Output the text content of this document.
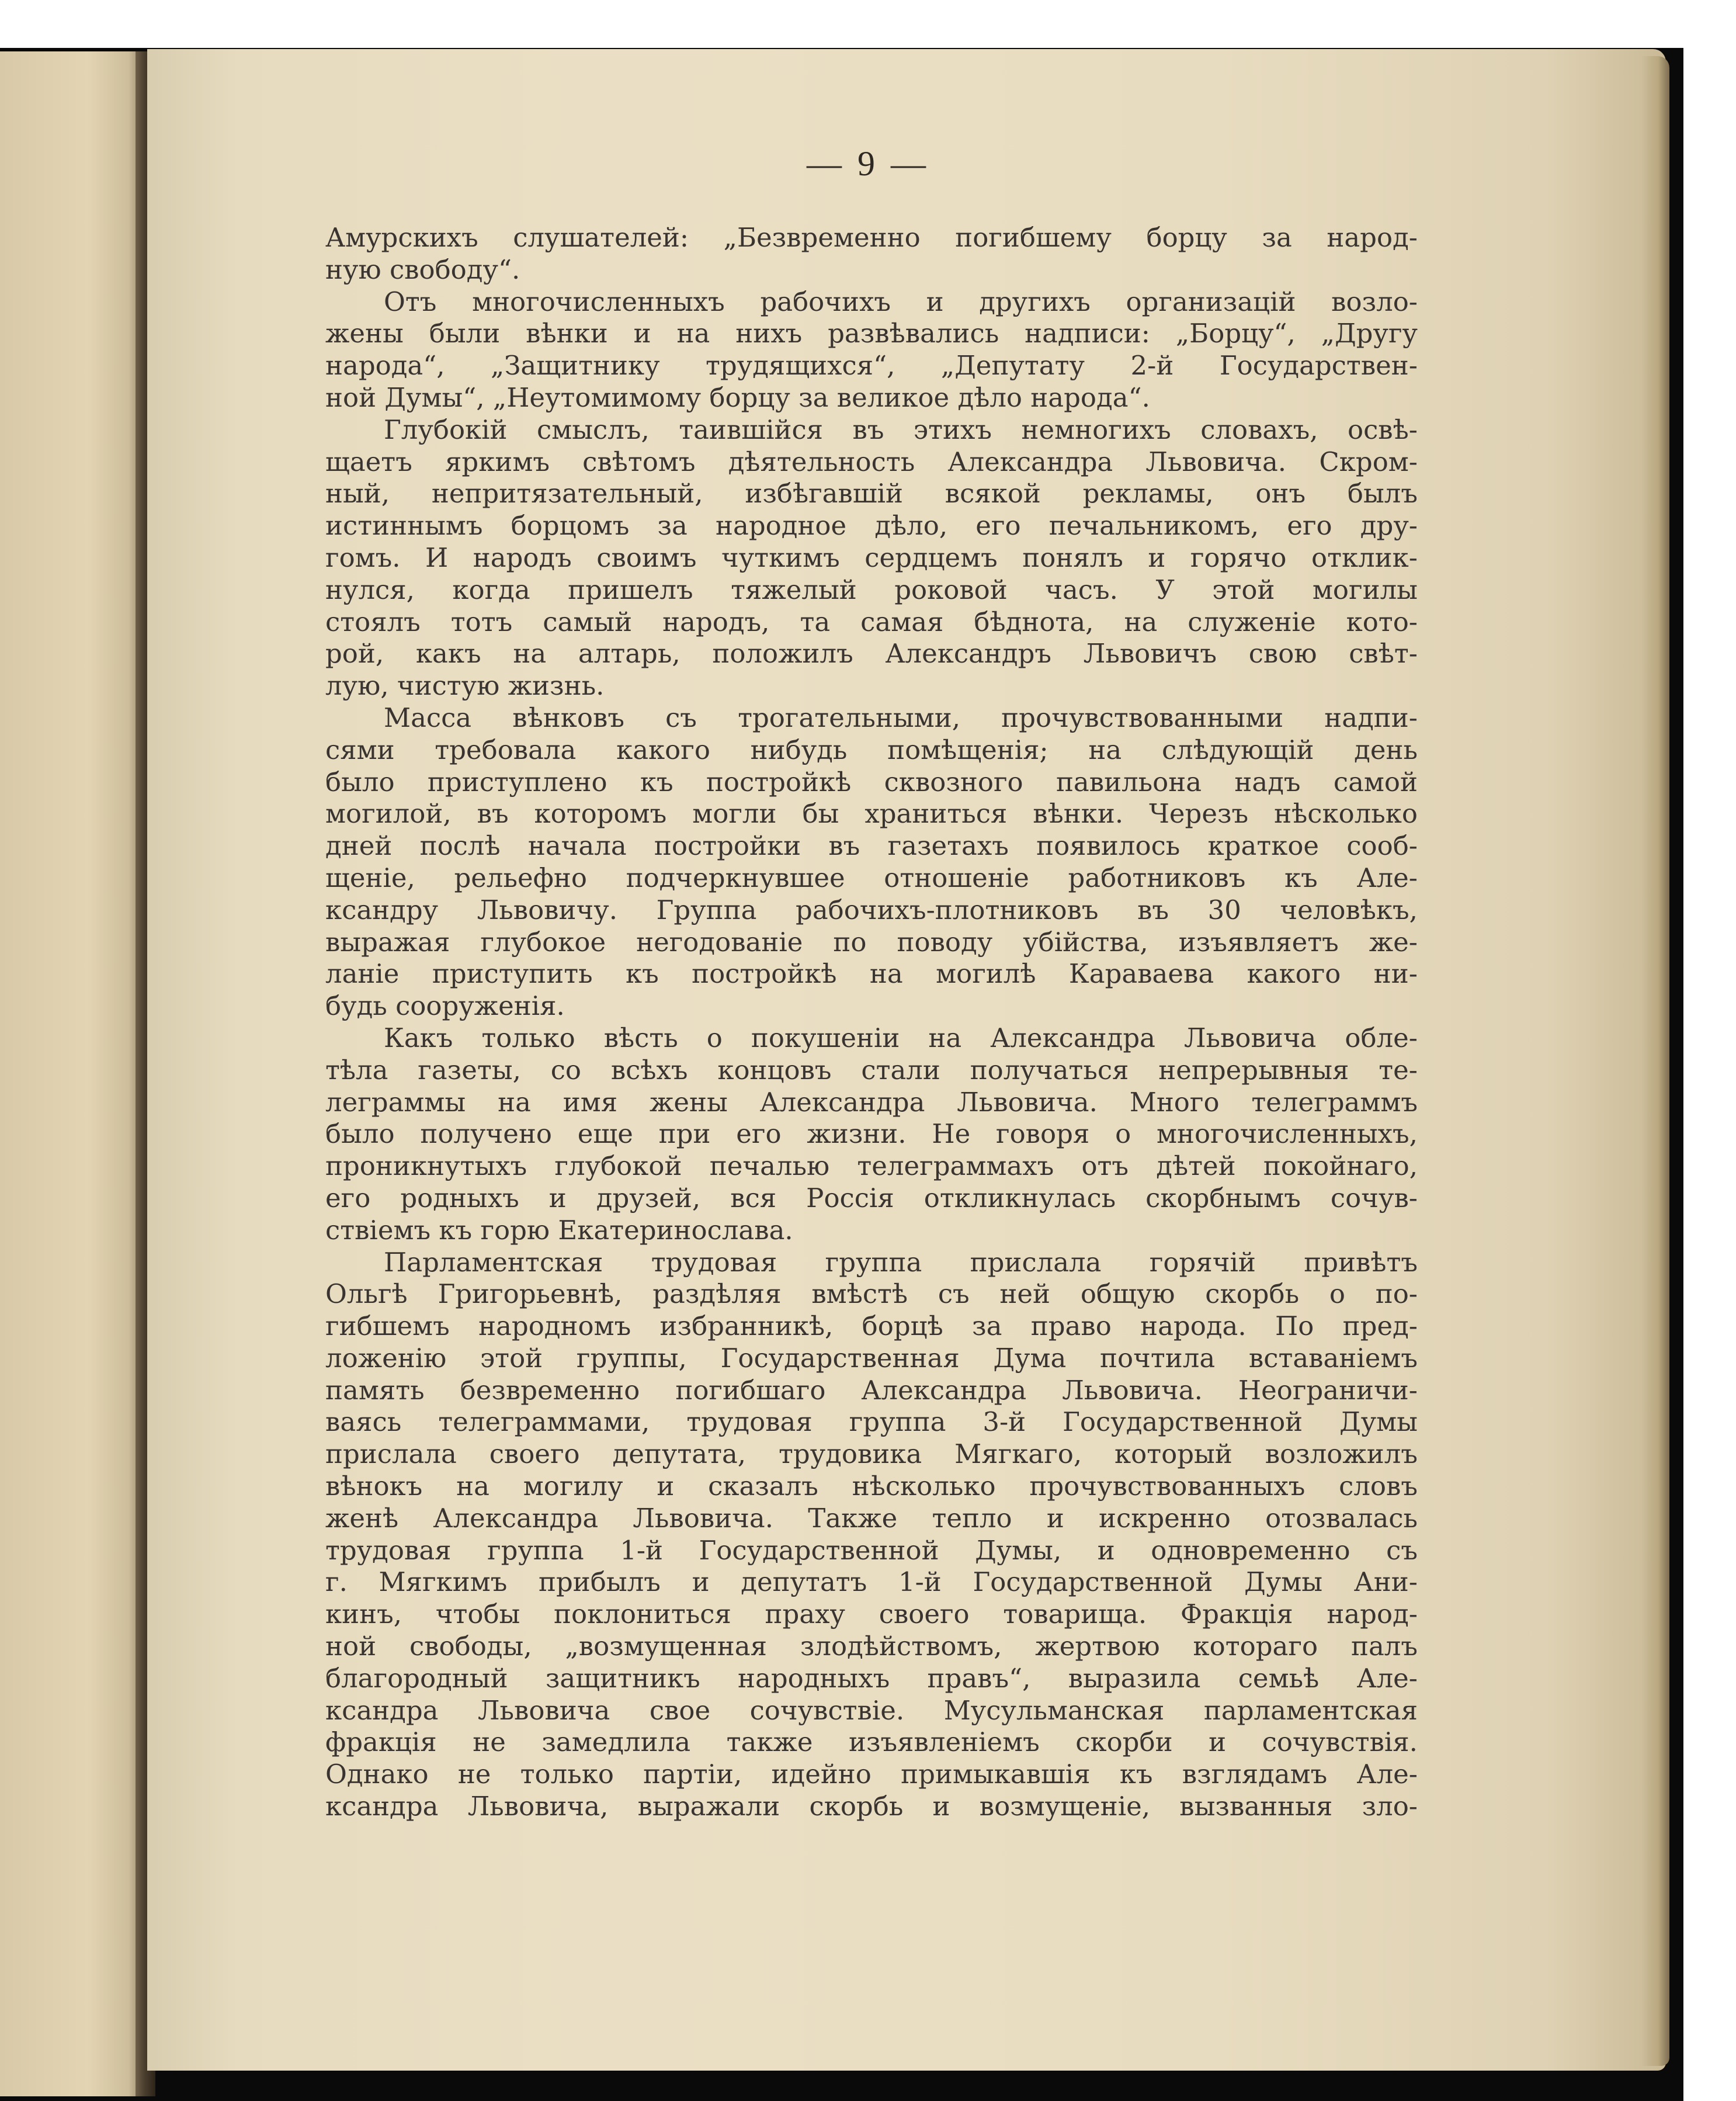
— 9 —
Амурскихъ слушателей: „Безвременно погибшему борцу за народ-
ную свободу“.
Отъ многочисленныхъ рабочихъ и другихъ организацій возло-
жены были вѣнки и на нихъ развѣвались надписи: „Борцу“, „Другу
народа“, „Защитнику трудящихся“, „Депутату 2-й Государствен-
ной Думы“, „Неутомимому борцу за великое дѣло народа“.
Глубокій смыслъ, таившійся въ этихъ немногихъ словахъ, освѣ-
щаетъ яркимъ свѣтомъ дѣятельность Александра Львовича. Скром-
ный, непритязательный, избѣгавшій всякой рекламы, онъ былъ
истиннымъ борцомъ за народное дѣло, его печальникомъ, его дру-
гомъ. И народъ своимъ чуткимъ сердцемъ понялъ и горячо отклик-
нулся, когда пришелъ тяжелый роковой часъ. У этой могилы
стоялъ тотъ самый народъ, та самая бѣднота, на служеніе кото-
рой, какъ на алтарь, положилъ Александръ Львовичъ свою свѣт-
лую, чистую жизнь.
Масса вѣнковъ съ трогательными, прочувствованными надпи-
сями требовала какого нибудь помѣщенія; на слѣдующій день
было приступлено къ постройкѣ сквозного павильона надъ самой
могилой, въ которомъ могли бы храниться вѣнки. Черезъ нѣсколько
дней послѣ начала постройки въ газетахъ появилось краткое сооб-
щеніе, рельефно подчеркнувшее отношеніе работниковъ къ Але-
ксандру Львовичу. Группа рабочихъ-плотниковъ въ 30 человѣкъ,
выражая глубокое негодованіе по поводу убійства, изъявляетъ же-
ланіе приступить къ постройкѣ на могилѣ Караваева какого ни-
будь сооруженія.
Какъ только вѣсть о покушеніи на Александра Львовича обле-
тѣла газеты, со всѣхъ концовъ стали получаться непрерывныя те-
леграммы на имя жены Александра Львовича. Много телеграммъ
было получено еще при его жизни. Не говоря о многочисленныхъ,
проникнутыхъ глубокой печалью телеграммахъ отъ дѣтей покойнаго,
его родныхъ и друзей, вся Россія откликнулась скорбнымъ сочув-
ствіемъ къ горю Екатеринослава.
Парламентская трудовая группа прислала горячій привѣтъ
Ольгѣ Григорьевнѣ, раздѣляя вмѣстѣ съ ней общую скорбь о по-
гибшемъ народномъ избранникѣ, борцѣ за право народа. По пред-
ложенію этой группы, Государственная Дума почтила вставаніемъ
память безвременно погибшаго Александра Львовича. Неограничи-
ваясь телеграммами, трудовая группа 3-й Государственной Думы
прислала своего депутата, трудовика Мягкаго, который возложилъ
вѣнокъ на могилу и сказалъ нѣсколько прочувствованныхъ словъ
женѣ Александра Львовича. Также тепло и искренно отозвалась
трудовая группа 1-й Государственной Думы, и одновременно съ
г. Мягкимъ прибылъ и депутатъ 1-й Государственной Думы Ани-
кинъ, чтобы поклониться праху своего товарища. Фракція народ-
ной свободы, „возмущенная злодѣйствомъ, жертвою котораго палъ
благородный защитникъ народныхъ правъ“, выразила семьѣ Але-
ксандра Львовича свое сочувствіе. Мусульманская парламентская
фракція не замедлила также изъявленіемъ скорби и сочувствія.
Однако не только партіи, идейно примыкавшія къ взглядамъ Але-
ксандра Львовича, выражали скорбь и возмущеніе, вызванныя зло-
